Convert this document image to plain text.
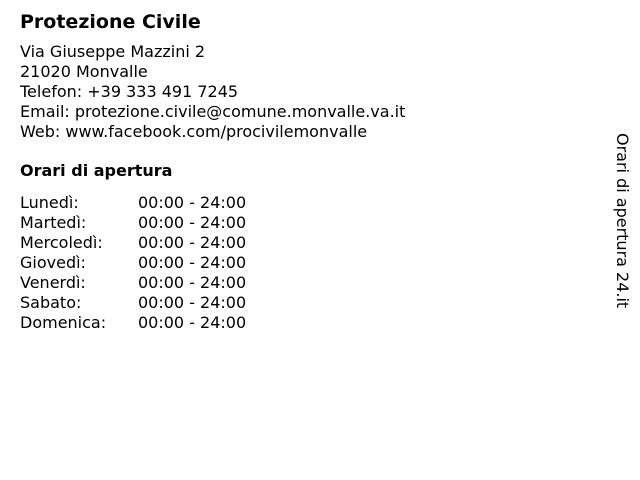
Protezione Civile
Via Giuseppe Mazzini 2
21020 Monvalle
Telefon: +39 333 491 7245
Email: protezione.civile@comune.monvalle.va.it
Web: www.facebook.com/procivilemonvalle
Orari di apertura
Lunedì:	00:00 - 24:00
Martedì:	00:00 - 24:00
Mercoledì:	00:00 - 24:00
Giovedì:	00:00 - 24:00
Venerdì:	00:00 - 24:00
Sabato:	00:00 - 24:00
Domenica:	00:00 - 24:00
Orari di apertura 24.it
